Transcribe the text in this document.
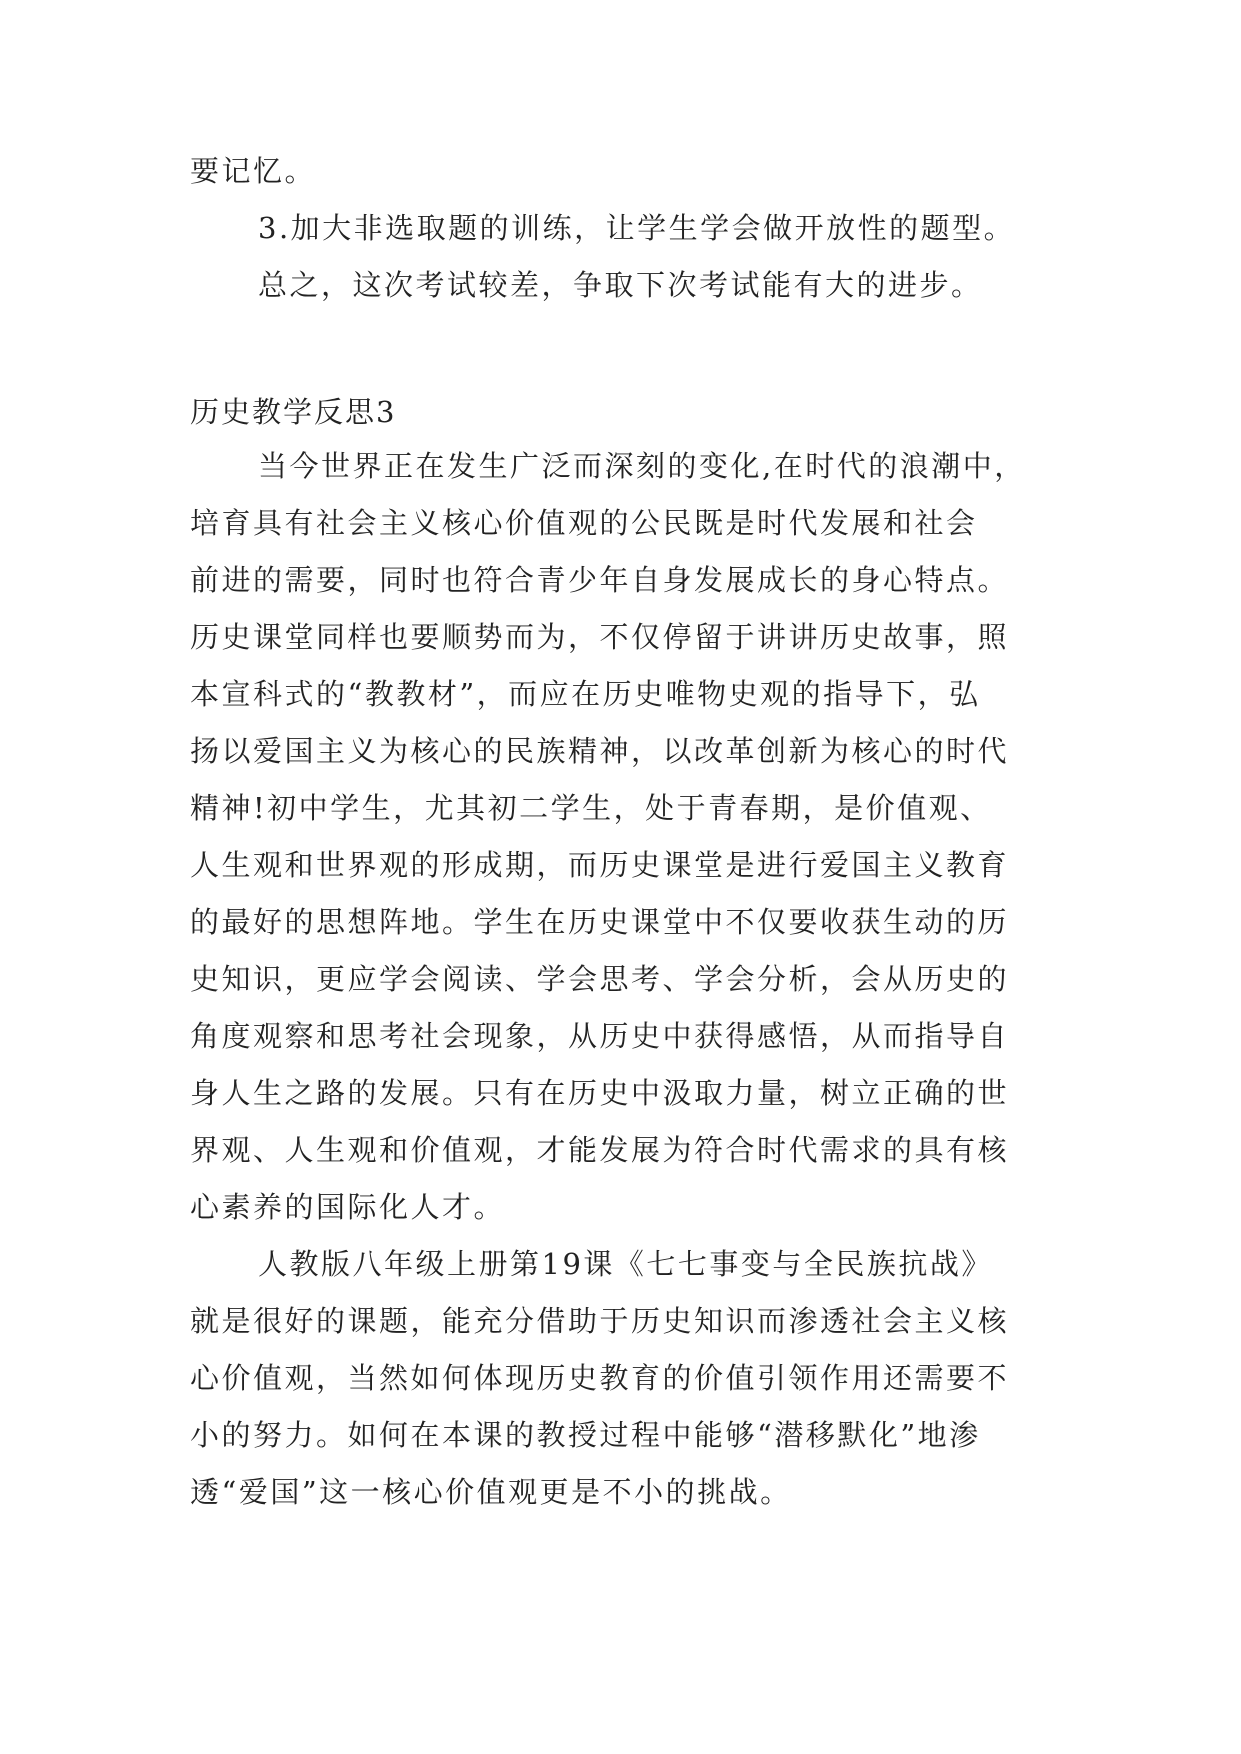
要记忆。
3.加大非选取题的训练，让学生学会做开放性的题型。
总之，这次考试较差，争取下次考试能有大的进步。
历史教学反思3
当今世界正在发生广泛而深刻的变化,在时代的浪潮中，
培育具有社会主义核心价值观的公民既是时代发展和社会
前进的需要，同时也符合青少年自身发展成长的身心特点。
历史课堂同样也要顺势而为，不仅停留于讲讲历史故事，照
本宣科式的“教教材”，而应在历史唯物史观的指导下，弘
扬以爱国主义为核心的民族精神，以改革创新为核心的时代
精神!初中学生，尤其初二学生，处于青春期，是价值观、
人生观和世界观的形成期，而历史课堂是进行爱国主义教育
的最好的思想阵地。学生在历史课堂中不仅要收获生动的历
史知识，更应学会阅读、学会思考、学会分析，会从历史的
角度观察和思考社会现象，从历史中获得感悟，从而指导自
身人生之路的发展。只有在历史中汲取力量，树立正确的世
界观、人生观和价值观，才能发展为符合时代需求的具有核
心素养的国际化人才。
人教版八年级上册第19课《七七事变与全民族抗战》
就是很好的课题，能充分借助于历史知识而渗透社会主义核
心价值观，当然如何体现历史教育的价值引领作用还需要不
小的努力。如何在本课的教授过程中能够“潜移默化”地渗
透“爱国”这一核心价值观更是不小的挑战。
